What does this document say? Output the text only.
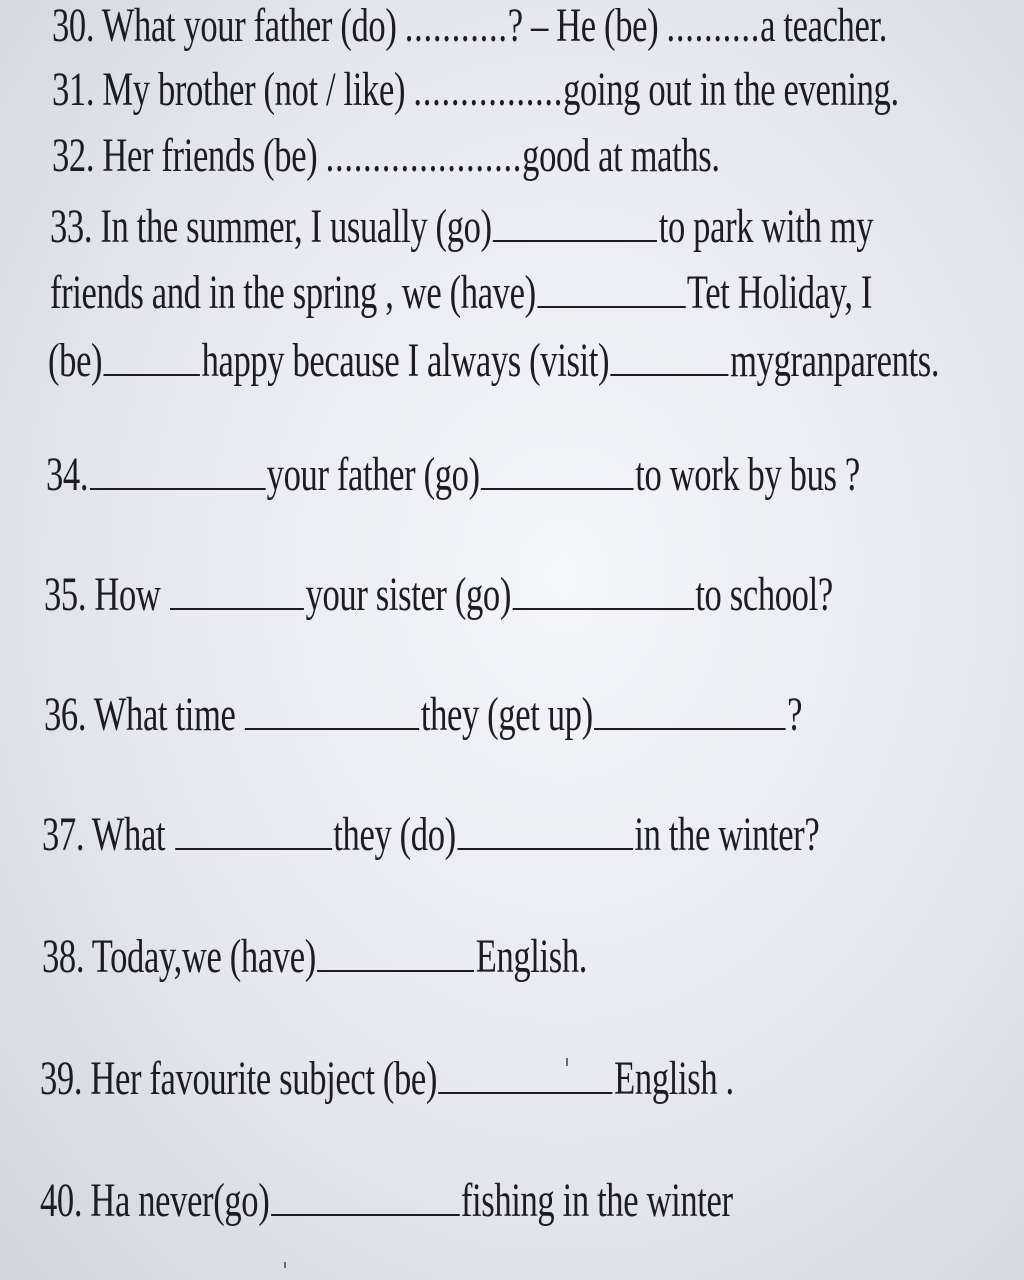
30. What your father (do) ...........? – He (be) ..........a teacher.
31. My brother (not / like) ................going out in the evening.
32. Her friends (be) .....................good at maths.
33. In the summer, I usually (go)	to park with my
friends and in the spring , we (have)	Tet Holiday, I
(be) happy because I always (visit)	mygranparents.
34.	your father (go)	to work by bus ?
35. How	your sister (go)	to school?
36. What time	they (get up)	?
37. What	they (do)	in the winter?
38. Today,we (have)	English.
39. Her favourite subject (be)	English .
40. Ha never(go)	fishing in the winter
